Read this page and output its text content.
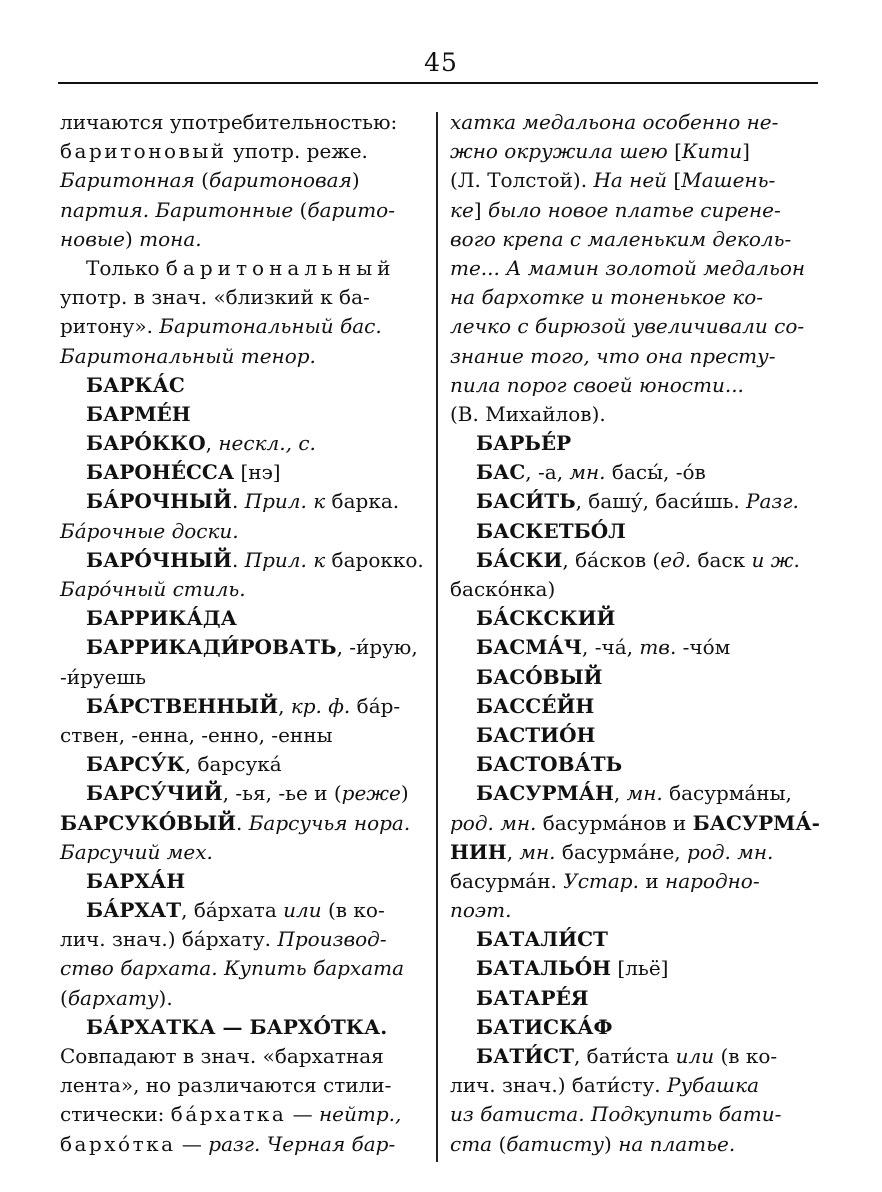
45
личаются употребительностью:
баритоновый употр. реже.
Баритонная (баритоновая)
партия. Баритонные (барито-
новые) тона.
Только баритональный
употр. в знач. «близкий к ба-
ритону». Баритональный бас.
Баритональный тенор.
БАРКА́С
БАРМЕ́Н
БАРО́ККО, нескл., с.
БАРОНЕ́ССА [нэ]
БА́РОЧНЫЙ. Прил. к барка.
Ба́рочные доски.
БАРО́ЧНЫЙ. Прил. к барокко.
Баро́чный стиль.
БАРРИКА́ДА
БАРРИКАДИ́РОВАТЬ, -и́рую,
-и́руешь
БА́РСТВЕННЫЙ, кр. ф. ба́р-
ствен, -енна, -енно, -енны
БАРСУ́К, барсука́
БАРСУ́ЧИЙ, -ья, -ье и (реже)
БАРСУКО́ВЫЙ. Барсучья нора.
Барсучий мех.
БАРХА́Н
БА́РХАТ, ба́рхата или (в ко-
лич. знач.) ба́рхату. Производ-
ство бархата. Купить бархата
(бархату).
БА́РХАТКА — БАРХО́ТКА.
Совпадают в знач. «бархатная
лента», но различаются стили-
стически: ба́рхатка — нейтр.,
барxо́тка — разг. Черная бар-
хатка медальона особенно не-
жно окружила шею [Кити]
(Л. Толстой). На ней [Машень-
ке] было новое платье сирене-
вого крепа с маленьким деколь-
те... А мамин золотой медальон
на бархотке и тоненькое ко-
лечко с бирюзой увеличивали со-
знание того, что она престу-
пила порог своей юности...
(В. Михайлов).
БАРЬЕ́Р
БАС, -а, мн. басы́, -о́в
БАСИ́ТЬ, башу́, баси́шь. Разг.
БАСКЕТБО́Л
БА́СКИ, ба́сков (ед. баск и ж.
баско́нка)
БА́СКСКИЙ
БАСМА́Ч, -ча́, тв. -чо́м
БАСО́ВЫЙ
БАССЕ́ЙН
БАСТИО́Н
БАСТОВА́ТЬ
БАСУРМА́Н, мн. басурма́ны,
род. мн. басурма́нов и БАСУРМА́-
НИН, мн. басурма́не, род. мн.
басурма́н. Устар. и народно-
поэт.
БАТАЛИ́СТ
БАТАЛЬО́Н [льё]
БАТАРЕ́Я
БАТИСКА́Ф
БАТИ́СТ, бати́ста или (в ко-
лич. знач.) бати́сту. Рубашка
из батиста. Подкупить бати-
ста (батисту) на платье.
